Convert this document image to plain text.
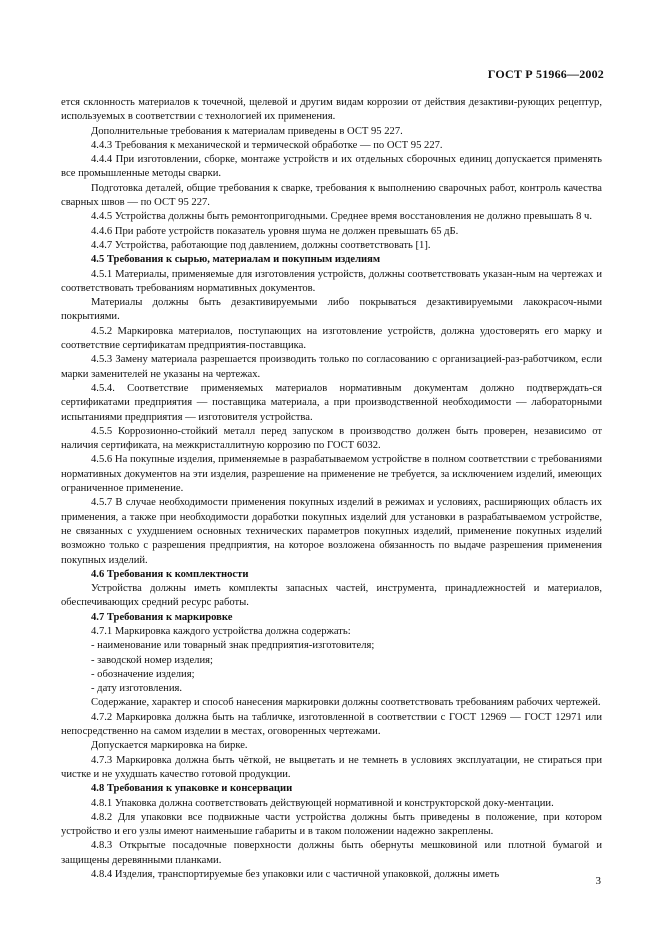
ГОСТ Р 51966—2002

ется склонность материалов к точечной, щелевой и другим видам коррозии от действия дезактиви-рующих рецептур, используемых в соответствии с технологией их применения.

Дополнительные требования к материалам приведены в ОСТ 95 227.

4.4.3 Требования к механической и термической обработке — по ОСТ 95 227.

4.4.4 При изготовлении, сборке, монтаже устройств и их отдельных сборочных единиц допускается применять все промышленные методы сварки.

Подготовка деталей, общие требования к сварке, требования к выполнению сварочных работ, контроль качества сварных швов — по ОСТ 95 227.

4.4.5 Устройства должны быть ремонтопригодными. Среднее время восстановления не должно превышать 8 ч.

4.4.6 При работе устройств показатель уровня шума не должен превышать 65 дБ.

4.4.7 Устройства, работающие под давлением, должны соответствовать [1].

4.5 Требования к сырью, материалам и покупным изделиям

4.5.1 Материалы, применяемые для изготовления устройств, должны соответствовать указан-ным на чертежах и соответствовать требованиям нормативных документов.

Материалы должны быть дезактивируемыми либо покрываться дезактивируемыми лакокрасоч-ными покрытиями.

4.5.2 Маркировка материалов, поступающих на изготовление устройств, должна удостоверять его марку и соответствие сертификатам предприятия-поставщика.

4.5.3 Замену материала разрешается производить только по согласованию с организацией-раз-работчиком, если марки заменителей не указаны на чертежах.

4.5.4. Соответствие применяемых материалов нормативным документам должно подтверждать-ся сертификатами предприятия — поставщика материала, а при производственной необходимости — лабораторными испытаниями предприятия — изготовителя устройства.

4.5.5 Коррозионно-стойкий металл перед запуском в производство должен быть проверен, независимо от наличия сертификата, на межкристаллитную коррозию по ГОСТ 6032.

4.5.6 На покупные изделия, применяемые в разрабатываемом устройстве в полном соответствии с требованиями нормативных документов на эти изделия, разрешение на применение не требуется, за исключением изделий, имеющих ограниченное применение.

4.5.7 В случае необходимости применения покупных изделий в режимах и условиях, расширяющих область их применения, а также при необходимости доработки покупных изделий для установки в разрабатываемом устройстве, не связанных с ухудшением основных технических параметров покупных изделий, применение покупных изделий возможно только с разрешения предприятия, на которое возложена обязанность по выдаче разрешения применения покупных изделий.

4.6 Требования к комплектности

Устройства должны иметь комплекты запасных частей, инструмента, принадлежностей и материалов, обеспечивающих средний ресурс работы.

4.7 Требования к маркировке

4.7.1 Маркировка каждого устройства должна содержать:

- наименование или товарный знак предприятия-изготовителя;

- заводской номер изделия;

- обозначение изделия;

- дату изготовления.

Содержание, характер и способ нанесения маркировки должны соответствовать требованиям рабочих чертежей.

4.7.2 Маркировка должна быть на табличке, изготовленной в соответствии с ГОСТ 12969 — ГОСТ 12971 или непосредственно на самом изделии в местах, оговоренных чертежами.

Допускается маркировка на бирке.

4.7.3 Маркировка должна быть чёткой, не выцветать и не темнеть в условиях эксплуатации, не стираться при чистке и не ухудшать качество готовой продукции.

4.8 Требования к упаковке и консервации

4.8.1 Упаковка должна соответствовать действующей нормативной и конструкторской доку-ментации.

4.8.2 Для упаковки все подвижные части устройства должны быть приведены в положение, при котором устройство и его узлы имеют наименьшие габариты и в таком положении надежно закреплены.

4.8.3 Открытые посадочные поверхности должны быть обернуты мешковиной или плотной бумагой и защищены деревянными планками.

4.8.4 Изделия, транспортируемые без упаковки или с частичной упаковкой, должны иметь

3
